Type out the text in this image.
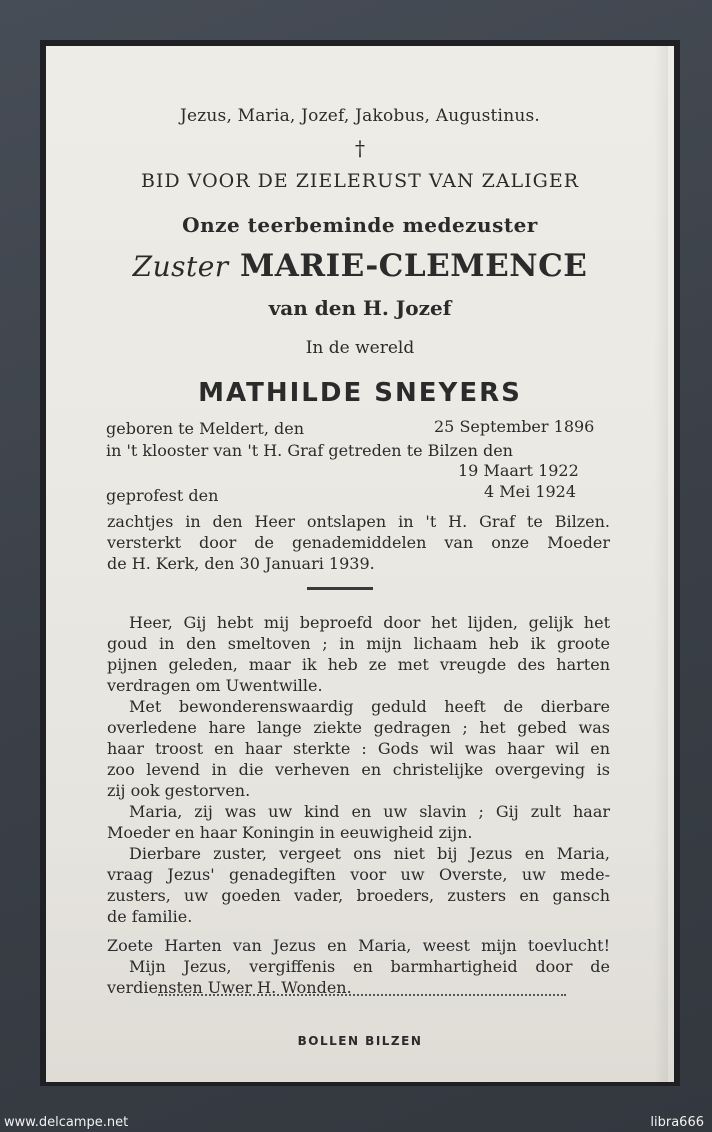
Jezus, Maria, Jozef, Jakobus, Augustinus.
†
BID VOOR DE ZIELERUST VAN ZALIGER
Onze teerbeminde medezuster
Zuster MARIE-CLEMENCE
van den H. Jozef
In de wereld
MATHILDE SNEYERS
geboren te Meldert, den	25 September 1896
in 't klooster van 't H. Graf getreden te Bilzen den
19 Maart 1922
geprofest den	4 Mei 1924
zachtjes in den Heer ontslapen in 't H. Graf te Bilzen.
versterkt door de genademiddelen van onze Moeder
de H. Kerk, den 30 Januari 1939.
Heer, Gij hebt mij beproefd door het lijden, gelijk het
goud in den smeltoven ; in mijn lichaam heb ik groote
pijnen geleden, maar ik heb ze met vreugde des harten
verdragen om Uwentwille.
Met bewonderenswaardig geduld heeft de dierbare
overledene hare lange ziekte gedragen ; het gebed was
haar troost en haar sterkte : Gods wil was haar wil en
zoo levend in die verheven en christelijke overgeving is
zij ook gestorven.
Maria, zij was uw kind en uw slavin ; Gij zult haar
Moeder en haar Koningin in eeuwigheid zijn.
Dierbare zuster, vergeet ons niet bij Jezus en Maria,
vraag Jezus' genadegiften voor uw Overste, uw mede-
zusters, uw goeden vader, broeders, zusters en gansch
de familie.
Zoete Harten van Jezus en Maria, weest mijn toevlucht!
Mijn Jezus, vergiffenis en barmhartigheid door de
verdiensten Uwer H. Wonden.
BOLLEN BILZEN
www.delcampe.net	libra666
